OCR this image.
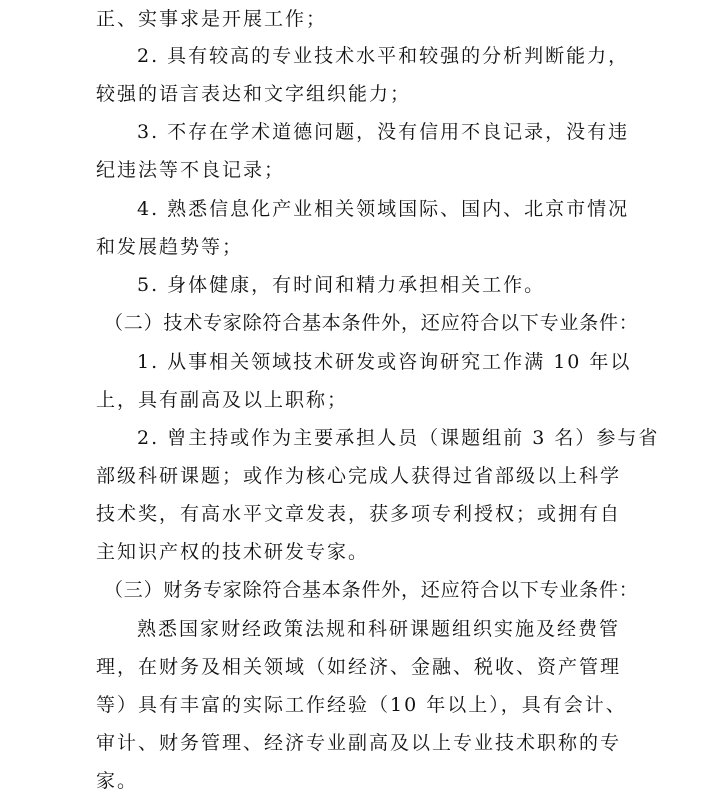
正、实事求是开展工作；
2. 具有较高的专业技术水平和较强的分析判断能力，
较强的语言表达和文字组织能力；
3. 不存在学术道德问题，没有信用不良记录，没有违
纪违法等不良记录；
4. 熟悉信息化产业相关领域国际、国内、北京市情况
和发展趋势等；
5. 身体健康，有时间和精力承担相关工作。
（二）技术专家除符合基本条件外，还应符合以下专业条件：
1. 从事相关领域技术研发或咨询研究工作满 10 年以
上，具有副高及以上职称；
2. 曾主持或作为主要承担人员（课题组前 3 名）参与省
部级科研课题；或作为核心完成人获得过省部级以上科学
技术奖，有高水平文章发表，获多项专利授权；或拥有自
主知识产权的技术研发专家。
（三）财务专家除符合基本条件外，还应符合以下专业条件：
熟悉国家财经政策法规和科研课题组织实施及经费管
理，在财务及相关领域（如经济、金融、税收、资产管理
等）具有丰富的实际工作经验（10 年以上），具有会计、
审计、财务管理、经济专业副高及以上专业技术职称的专
家。
